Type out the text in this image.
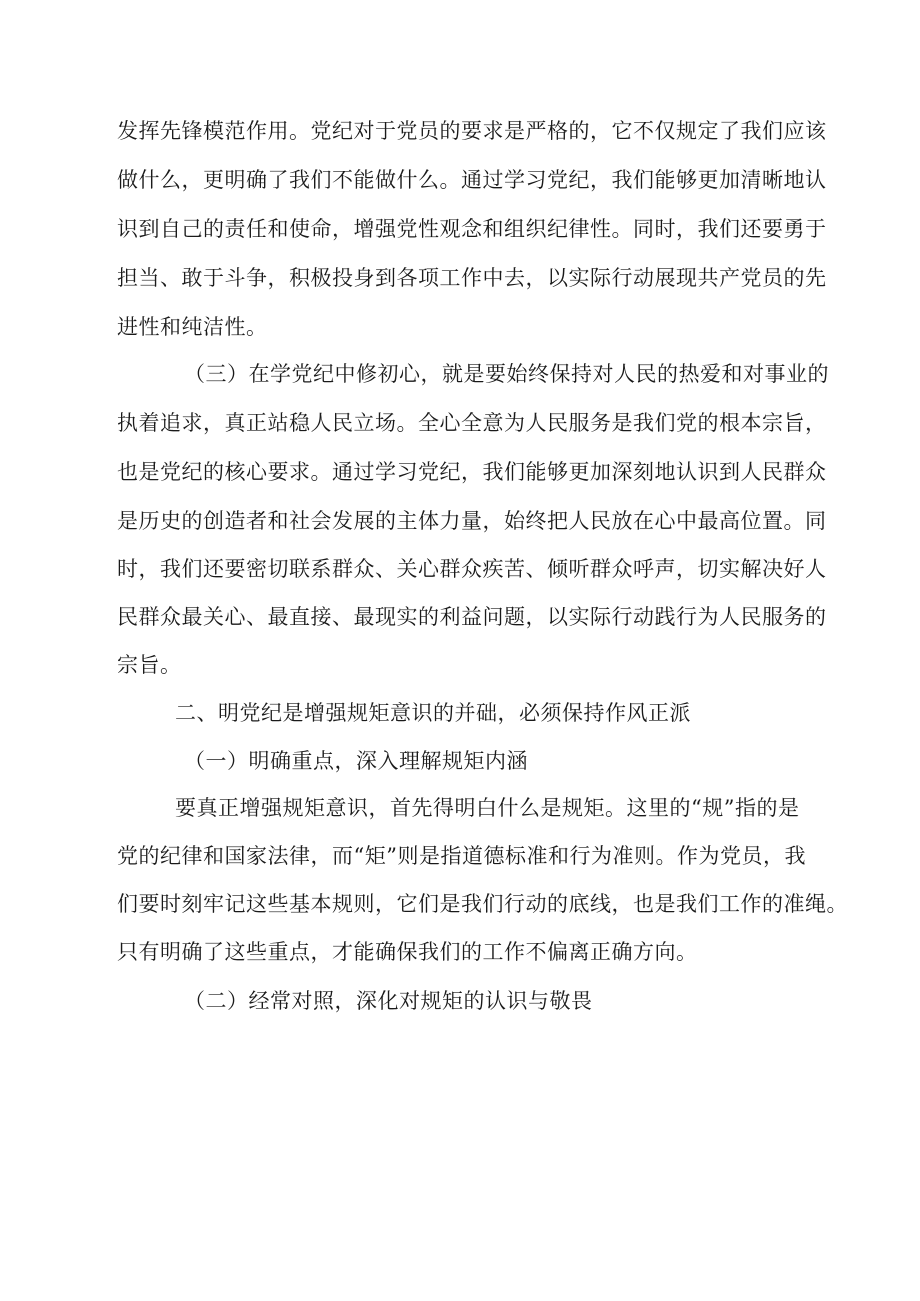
发挥先锋模范作用。党纪对于党员的要求是严格的，它不仅规定了我们应该
做什么，更明确了我们不能做什么。通过学习党纪，我们能够更加清晰地认
识到自己的责任和使命，增强党性观念和组织纪律性。同时，我们还要勇于
担当、敢于斗争，积极投身到各项工作中去，以实际行动展现共产党员的先
进性和纯洁性。
（三）在学党纪中修初心，就是要始终保持对人民的热爱和对事业的
执着追求，真正站稳人民立场。全心全意为人民服务是我们党的根本宗旨，
也是党纪的核心要求。通过学习党纪，我们能够更加深刻地认识到人民群众
是历史的创造者和社会发展的主体力量，始终把人民放在心中最高位置。同
时，我们还要密切联系群众、关心群众疾苦、倾听群众呼声，切实解决好人
民群众最关心、最直接、最现实的利益问题，以实际行动践行为人民服务的
宗旨。
二、明党纪是增强规矩意识的并础，必须保持作风正派
（一）明确重点，深入理解规矩内涵
要真正增强规矩意识，首先得明白什么是规矩。这里的“规”指的是
党的纪律和国家法律，而“矩”则是指道德标准和行为准则。作为党员，我
们要时刻牢记这些基本规则，它们是我们行动的底线，也是我们工作的准绳。
只有明确了这些重点，才能确保我们的工作不偏离正确方向。
（二）经常对照，深化对规矩的认识与敬畏
